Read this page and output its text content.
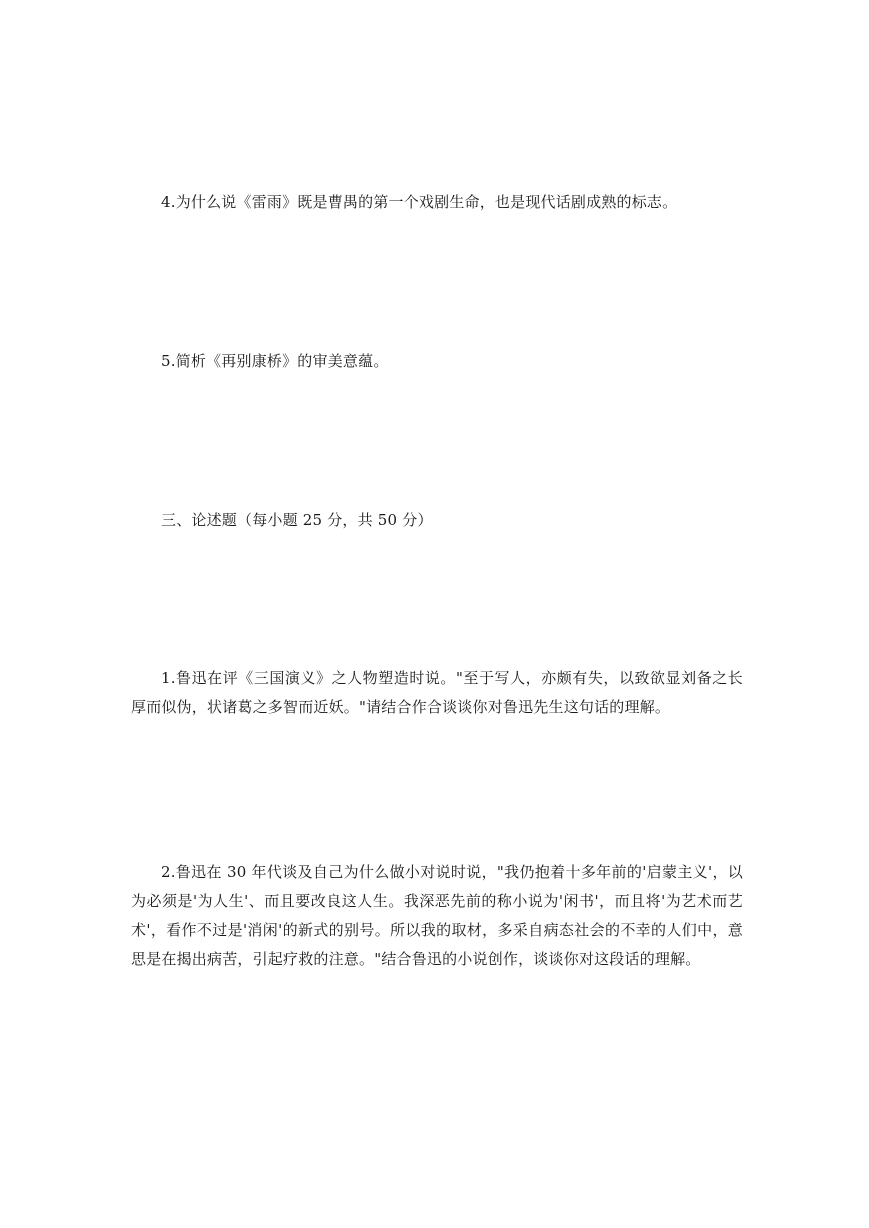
4.为什么说《雷雨》既是曹禺的第一个戏剧生命，也是现代话剧成熟的标志。

5.简析《再别康桥》的审美意蕴。

三、论述题（每小题 25 分，共 50 分）

1.鲁迅在评《三国演义》之人物塑造时说。"至于写人，亦颇有失，以致欲显刘备之长厚而似伪，状诸葛之多智而近妖。"请结合作合谈谈你对鲁迅先生这句话的理解。

2.鲁迅在 30 年代谈及自己为什么做小对说时说，"我仍抱着十多年前的'启蒙主义'，以为必须是'为人生'、而且要改良这人生。我深恶先前的称小说为'闲书'，而且将'为艺术而艺术'，看作不过是'消闲'的新式的别号。所以我的取材，多采自病态社会的不幸的人们中，意思是在揭出病苦，引起疗救的注意。"结合鲁迅的小说创作，谈谈你对这段话的理解。
